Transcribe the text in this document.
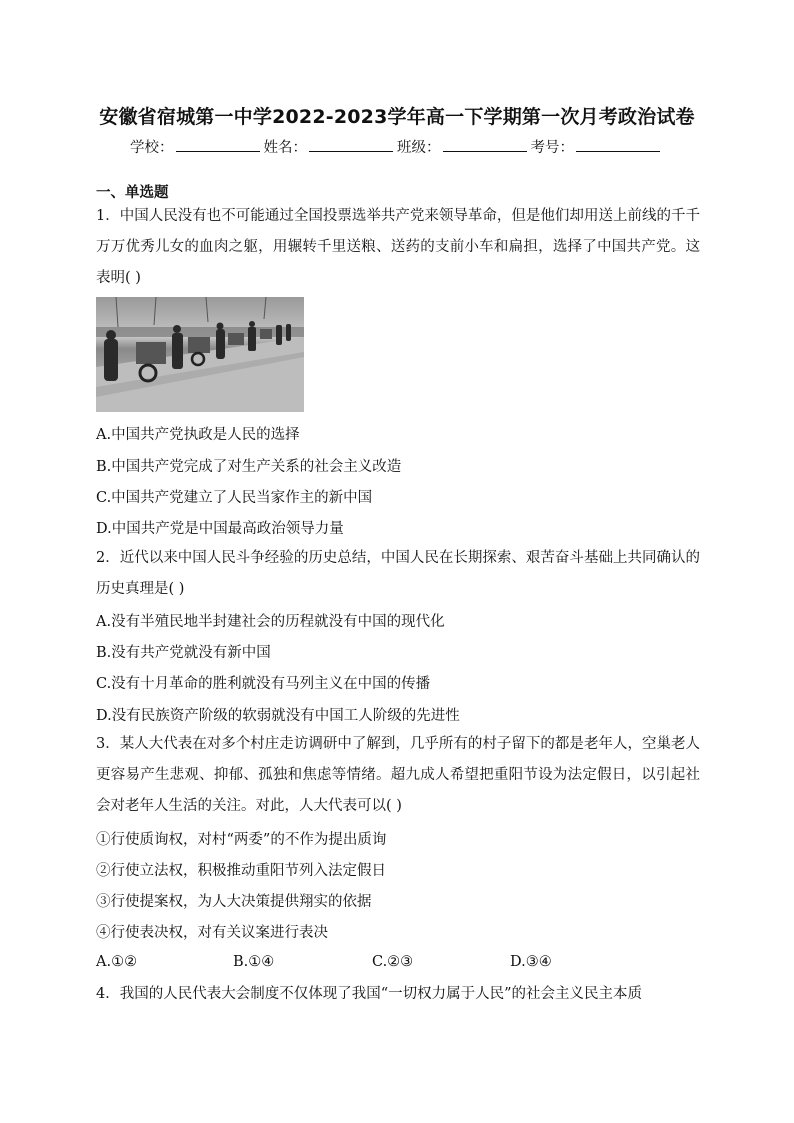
安徽省宿城第一中学2022-2023学年高一下学期第一次月考政治试卷
学校：	姓名：	班级：	考号：
一、单选题
1．中国人民没有也不可能通过全国投票选举共产党来领导革命，但是他们却用送上前线的千千万万优秀儿女的血肉之躯，用辗转千里送粮、送药的支前小车和扁担，选择了中国共产党。这表明( )
A.中国共产党执政是人民的选择
B.中国共产党完成了对生产关系的社会主义改造
C.中国共产党建立了人民当家作主的新中国
D.中国共产党是中国最高政治领导力量
2．近代以来中国人民斗争经验的历史总结，中国人民在长期探索、艰苦奋斗基础上共同确认的历史真理是( )
A.没有半殖民地半封建社会的历程就没有中国的现代化
B.没有共产党就没有新中国
C.没有十月革命的胜利就没有马列主义在中国的传播
D.没有民族资产阶级的软弱就没有中国工人阶级的先进性
3．某人大代表在对多个村庄走访调研中了解到，几乎所有的村子留下的都是老年人，空巢老人更容易产生悲观、抑郁、孤独和焦虑等情绪。超九成人希望把重阳节设为法定假日，以引起社会对老年人生活的关注。对此，人大代表可以( )
①行使质询权，对村“两委”的不作为提出质询
②行使立法权，积极推动重阳节列入法定假日
③行使提案权，为人大决策提供翔实的依据
④行使表决权，对有关议案进行表决
A.①②	B.①④	C.②③	D.③④
4．我国的人民代表大会制度不仅体现了我国“一切权力属于人民”的社会主义民主本质
